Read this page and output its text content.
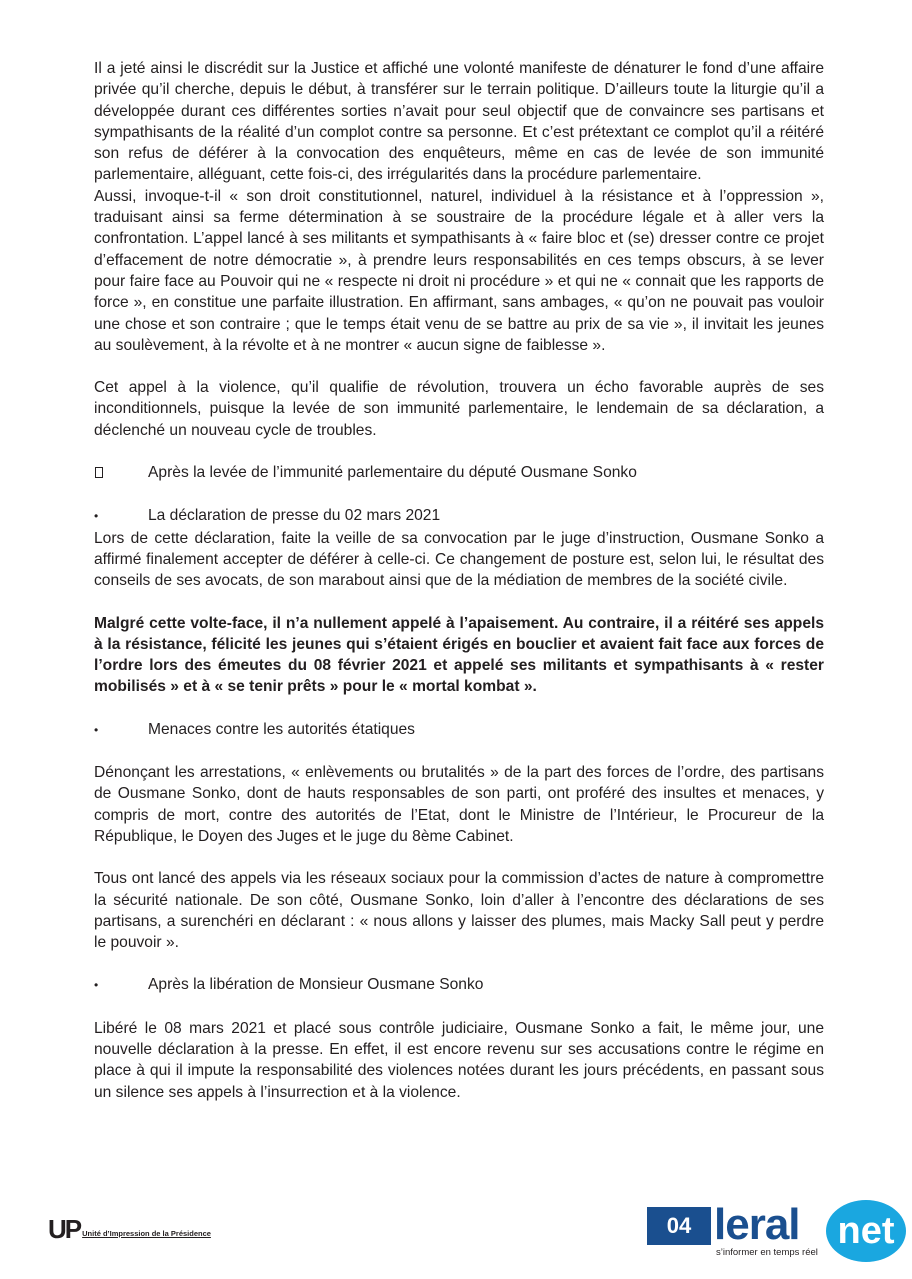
Il a jeté ainsi le discrédit sur la Justice et affiché une volonté manifeste de dénaturer le fond d’une affaire privée qu’il cherche, depuis le début, à transférer sur le terrain politique. D’ailleurs toute la liturgie qu’il a développée durant ces différentes sorties n’avait pour seul objectif que de convaincre ses partisans et sympathisants de la réalité d’un complot contre sa personne. Et c’est prétextant ce complot qu’il a réitéré son refus de déférer à la convocation des enquêteurs, même en cas de levée de son immunité parlementaire, alléguant, cette fois-ci, des irrégularités dans la procédure parlementaire.

Aussi, invoque-t-il « son droit constitutionnel, naturel, individuel à la résistance et à l’oppression », traduisant ainsi sa ferme détermination à se soustraire de la procédure légale et à aller vers la confrontation. L’appel lancé à ses militants et sympathisants à « faire bloc et (se) dresser contre ce projet d’effacement de notre démocratie », à prendre leurs responsabilités en ces temps obscurs, à se lever pour faire face au Pouvoir qui ne « respecte ni droit ni procédure » et qui ne « connait que les rapports de force », en constitue une parfaite illustration. En affirmant, sans ambages, « qu’on ne pouvait pas vouloir une chose et son contraire ; que le temps était venu de se battre au prix de sa vie », il invitait les jeunes au soulèvement, à la révolte et à ne montrer « aucun signe de faiblesse ».

Cet appel à la violence, qu’il qualifie de révolution, trouvera un écho favorable auprès de ses inconditionnels, puisque la levée de son immunité parlementaire, le lendemain de sa déclaration, a déclenché un nouveau cycle de troubles.

Après la levée de l’immunité parlementaire du député Ousmane Sonko
•	La déclaration de presse du 02 mars 2021

Lors de cette déclaration, faite la veille de sa convocation par le juge d’instruction, Ousmane Sonko a affirmé finalement accepter de déférer à celle-ci. Ce changement de posture est, selon lui, le résultat des conseils de ses avocats, de son marabout ainsi que de la médiation de membres de la société civile.

Malgré cette volte-face, il n’a nullement appelé à l’apaisement. Au contraire, il a réitéré ses appels à la résistance, félicité les jeunes qui s’étaient érigés en bouclier et avaient fait face aux forces de l’ordre lors des émeutes du 08 février 2021 et appelé ses militants et sympathisants à « rester mobilisés » et à « se tenir prêts » pour le « mortal kombat ».

•	Menaces contre les autorités étatiques

Dénonçant les arrestations, « enlèvements ou brutalités » de la part des forces de l’ordre, des partisans de Ousmane Sonko, dont de hauts responsables de son parti, ont proféré des insultes et menaces, y compris de mort, contre des autorités de l’Etat, dont le Ministre de l’Intérieur, le Procureur de la République, le Doyen des Juges et le juge du 8ème Cabinet.

Tous ont lancé des appels via les réseaux sociaux pour la commission d’actes de nature à compromettre la sécurité nationale. De son côté, Ousmane Sonko, loin d’aller à l’encontre des déclarations de ses partisans, a surenchéri en déclarant : « nous allons y laisser des plumes, mais Macky Sall peut y perdre le pouvoir ».

•	Après la libération de Monsieur Ousmane Sonko

Libéré le 08 mars 2021 et placé sous contrôle judiciaire, Ousmane Sonko a fait, le même jour, une nouvelle déclaration à la presse. En effet, il est encore revenu sur ses accusations contre le régime en place à qui il impute la responsabilité des violences notées durant les jours précédents, en passant sous un silence ses appels à l’insurrection et à la violence.

UP Unité d’Impression de la Présidence	04 leral net
s’informer en temps réel
